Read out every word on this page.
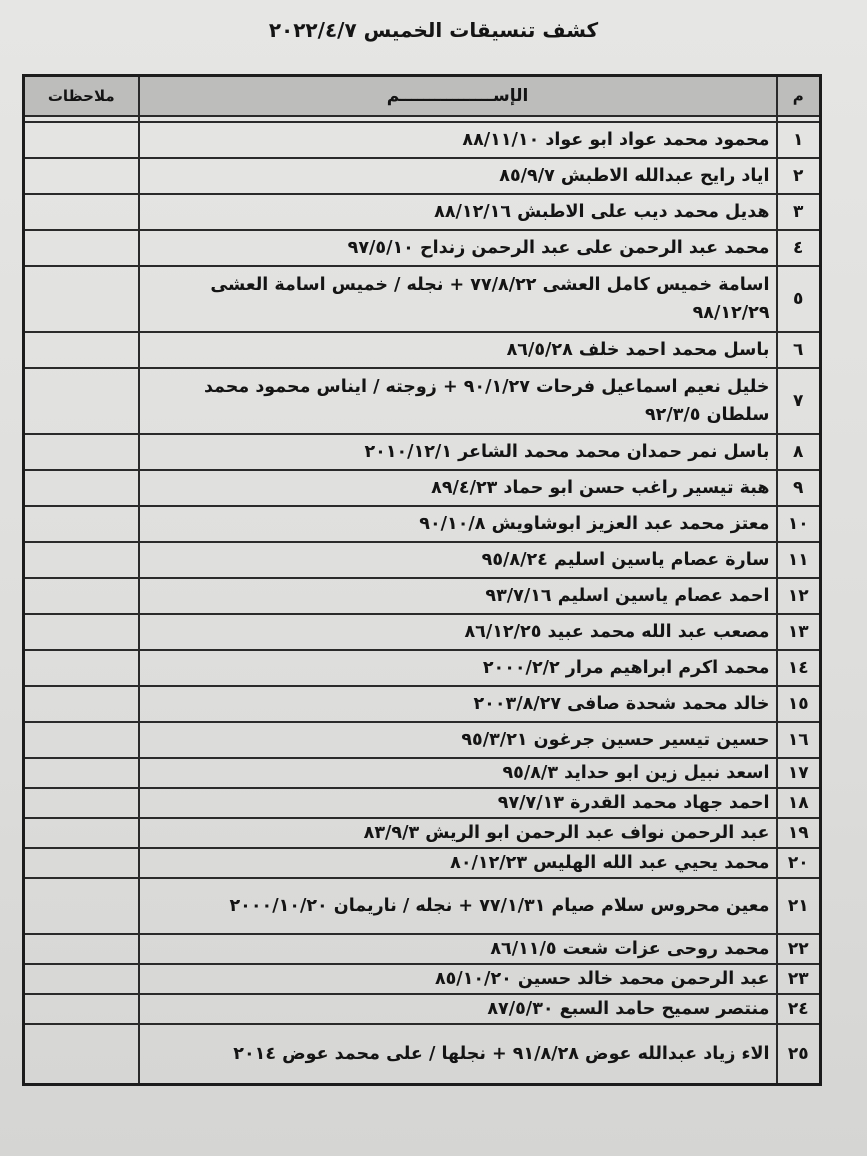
كشف تنسيقات الخميس ٢٠٢٢/٤/٧
م	الإســــــــــــــــم	ملاحظات

١	محمود محمد عواد ابو عواد ٨٨/١١/١٠	
٢	اياد رايح عبدالله الاطبش ٨٥/٩/٧	
٣	هديل محمد ديب على الاطبش ٨٨/١٢/١٦	
٤	محمد عبد الرحمن على عبد الرحمن زنداح ٩٧/٥/١٠	
٥	اسامة خميس كامل العشى ٧٧/٨/٢٢ + نجله / خميس اسامة العشى ٩٨/١٢/٢٩	
٦	باسل محمد احمد خلف ٨٦/٥/٢٨	
٧	خليل نعيم اسماعيل فرحات ٩٠/١/٢٧ + زوجته / ايناس محمود محمد سلطان ٩٢/٣/٥	
٨	باسل نمر حمدان محمد محمد الشاعر ٢٠١٠/١٢/١	
٩	هبة تيسير راغب حسن ابو حماد ٨٩/٤/٢٣	
١٠	معتز محمد عبد العزيز ابوشاويش ٩٠/١٠/٨	
١١	سارة عصام ياسين اسليم ٩٥/٨/٢٤	
١٢	احمد عصام ياسين اسليم ٩٣/٧/١٦	
١٣	مصعب عبد الله محمد عبيد ٨٦/١٢/٢٥	
١٤	محمد اكرم ابراهيم مرار ٢٠٠٠/٢/٢	
١٥	خالد محمد شحدة صافى ٢٠٠٣/٨/٢٧	
١٦	حسين تيسير حسين جرغون ٩٥/٣/٢١	
١٧	اسعد نبيل زين ابو حدايد ٩٥/٨/٣	
١٨	احمد جهاد محمد القدرة ٩٧/٧/١٣	
١٩	عبد الرحمن نواف عبد الرحمن ابو الريش ٨٣/٩/٣	
٢٠	محمد يحيي عبد الله الهليس ٨٠/١٢/٢٣	
٢١	معين محروس سلام صيام ٧٧/١/٣١ + نجله / ناريمان ٢٠٠٠/١٠/٢٠	
٢٢	محمد روحى عزات شعت ٨٦/١١/٥	
٢٣	عبد الرحمن محمد خالد حسين ٨٥/١٠/٢٠	
٢٤	منتصر سميح حامد السبع ٨٧/٥/٣٠	
٢٥	الاء زياد عبدالله عوض ٩١/٨/٢٨ + نجلها / على محمد عوض ٢٠١٤	
